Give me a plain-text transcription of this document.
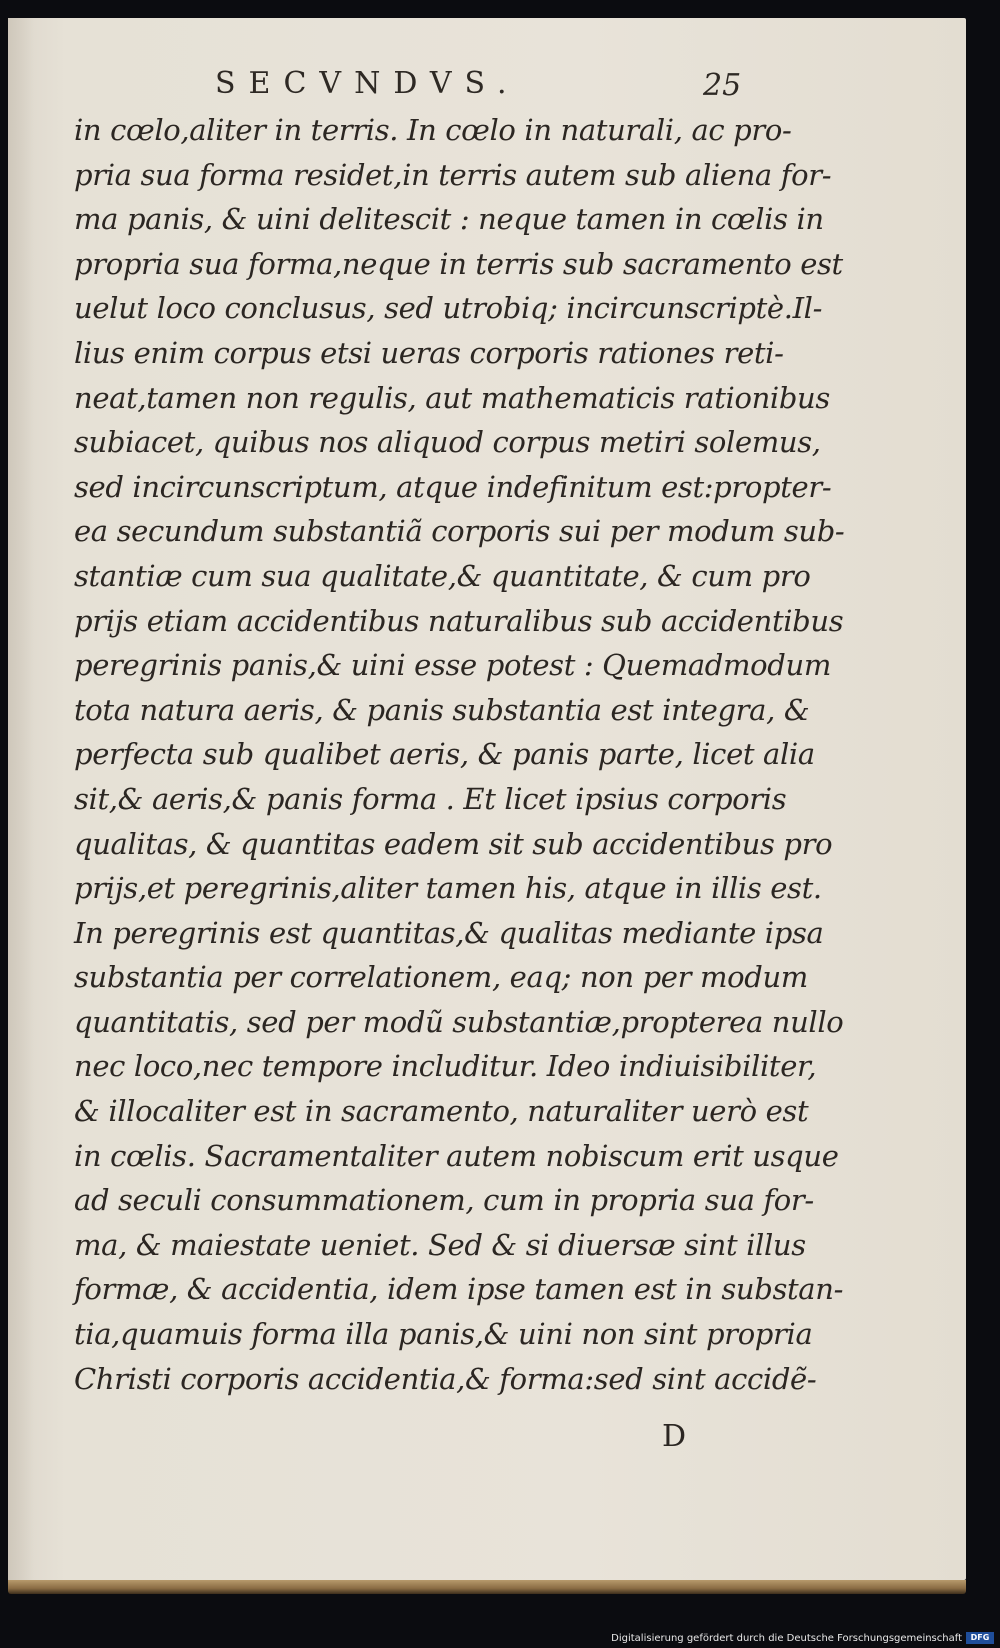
SECVNDVS.	25
in cœlo,aliter in terris. In cœlo in naturali, ac pro-
pria sua forma residet,in terris autem sub aliena for-
ma panis, & uini delitescit : neque tamen in cœlis in
propria sua forma,neque in terris sub sacramento est
uelut loco conclusus, sed utrobiq; incircunscriptè.Il-
lius enim corpus etsi ueras corporis rationes reti-
neat,tamen non regulis, aut mathematicis rationibus
subiacet, quibus nos aliquod corpus metiri solemus,
sed incircunscriptum, atque indefinitum est:propter-
ea secundum substantiã corporis sui per modum sub-
stantiæ cum sua qualitate,& quantitate, & cum pro
prijs etiam accidentibus naturalibus sub accidentibus
peregrinis panis,& uini esse potest : Quemadmodum
tota natura aeris, & panis substantia est integra, &
perfecta sub qualibet aeris, & panis parte, licet alia
sit,& aeris,& panis forma . Et licet ipsius corporis
qualitas, & quantitas eadem sit sub accidentibus pro
prijs,et peregrinis,aliter tamen his, atque in illis est.
In peregrinis est quantitas,& qualitas mediante ipsa
substantia per correlationem, eaq; non per modum
quantitatis, sed per modũ substantiæ,propterea nullo
nec loco,nec tempore includitur. Ideo indiuisibiliter,
& illocaliter est in sacramento, naturaliter uerò est
in cœlis. Sacramentaliter autem nobiscum erit usque
ad seculi consummationem, cum in propria sua for-
ma, & maiestate ueniet. Sed & si diuersæ sint illus
formæ, & accidentia, idem ipse tamen est in substan-
tia,quamuis forma illa panis,& uini non sint propria
Christi corporis accidentia,& forma:sed sint accidẽ-
D
Digitalisierung gefördert durch die Deutsche Forschungsgemeinschaft	DFG
